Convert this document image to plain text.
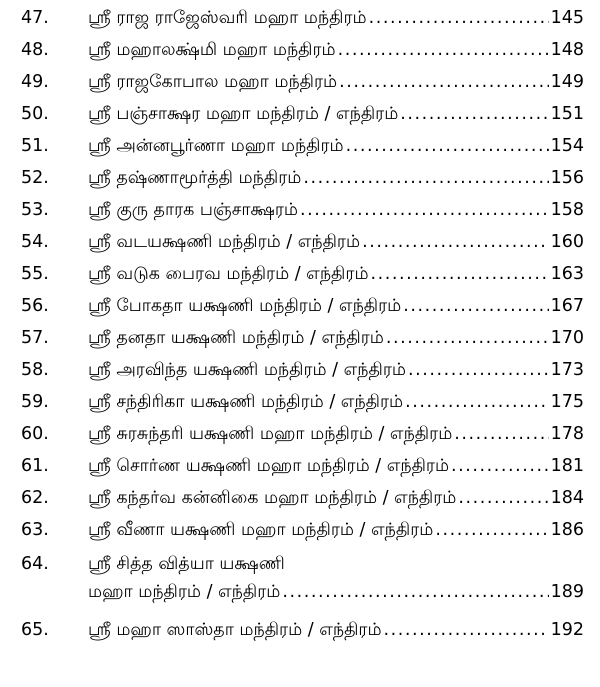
47. ஸ்ரீ ராஜ ராஜேஸ்வரி மஹா மந்திரம் . . .	145
48. ஸ்ரீ மஹாலக்ஷ்மி மஹா மந்திரம் . . .	148
49. ஸ்ரீ ராஜகோபால மஹா மந்திரம் . . .	149
50. ஸ்ரீ பஞ்சாக்ஷர மஹா மந்திரம் / எந்திரம் . . .	151
51. ஸ்ரீ அன்னபூர்ணா மஹா மந்திரம் . . .	154
52. ஸ்ரீ தஷ்ணாமூர்த்தி மந்திரம் . . .	156
53. ஸ்ரீ குரு தாரக பஞ்சாக்ஷரம் . . .	158
54. ஸ்ரீ வடயக்ஷணி மந்திரம் / எந்திரம் . . .	160
55. ஸ்ரீ வடுக பைரவ மந்திரம் / எந்திரம் . . .	163
56. ஸ்ரீ போகதா யக்ஷணி மந்திரம் / எந்திரம் . . .	167
57. ஸ்ரீ தனதா யக்ஷணி மந்திரம் / எந்திரம் . . .	170
58. ஸ்ரீ அரவிந்த யக்ஷணி மந்திரம் / எந்திரம் . . .	173
59. ஸ்ரீ சந்திரிகா யக்ஷணி மந்திரம் / எந்திரம் . . .	175
60. ஸ்ரீ சுரசுந்தரி யக்ஷணி மஹா மந்திரம் / எந்திரம் . . .	178
61. ஸ்ரீ சொர்ண யக்ஷணி மஹா மந்திரம் / எந்திரம் . . .	181
62. ஸ்ரீ கந்தர்வ கன்னிகை மஹா மந்திரம் / எந்திரம் . . .	184
63. ஸ்ரீ வீணா யக்ஷணி மஹா மந்திரம் / எந்திரம் . . .	186
64. ஸ்ரீ சித்த வித்யா யக்ஷணி
மஹா மந்திரம் / எந்திரம் . . .	189
65. ஸ்ரீ மஹா ஸாஸ்தா மந்திரம் / எந்திரம் . . .	192
